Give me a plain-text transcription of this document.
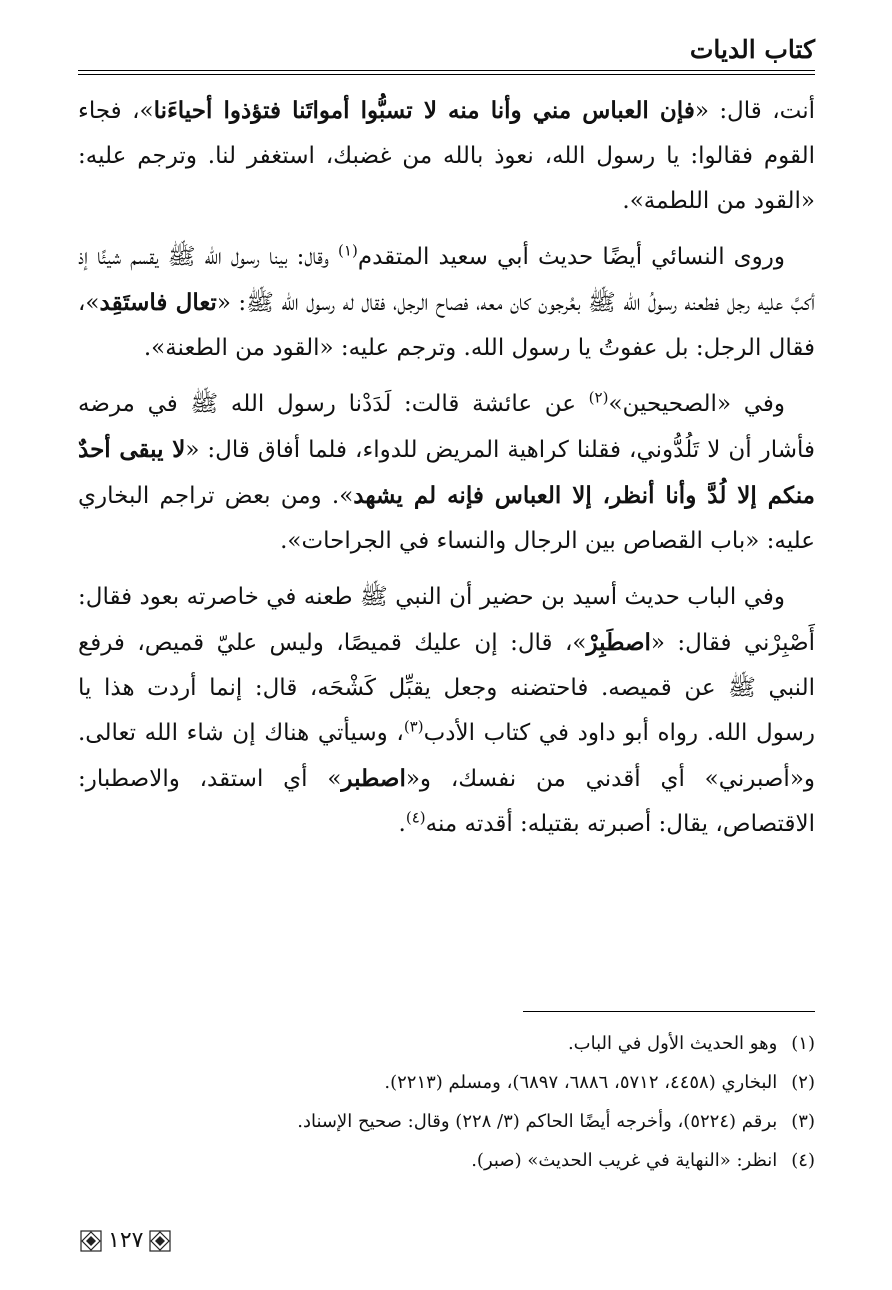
كتاب الديات

أنت، قال: «فإن العباس مني وأنا منه لا تسبُّوا أمواتَنا فتؤذوا أحياءَنا»، فجاء القوم فقالوا: يا رسول الله، نعوذ بالله من غضبك، استغفر لنا. وترجم عليه: «القود من اللطمة».

وروى النسائي أيضًا حديث أبي سعيد المتقدم$^{(١)}$ وقال: بينا رسول الله ﷺ يقسم شيئًا إذ أكبَّ عليه رجل فطعنه رسولُ الله ﷺ بعُرجون كان معه، فصاح الرجل، فقال له رسول الله ﷺ: «تعال فاستَقِد»، فقال الرجل: بل عفوتُ يا رسول الله. وترجم عليه: «القود من الطعنة».

وفي «الصحيحين»$^{(٢)}$ عن عائشة قالت: لَدَدْنا رسول الله ﷺ في مرضه فأشار أن لا تَلُدُّوني، فقلنا كراهية المريض للدواء، فلما أفاق قال: «لا يبقى أحدٌ منكم إلا لُدَّ وأنا أنظر، إلا العباس فإنه لم يشهد». ومن بعض تراجم البخاري عليه: «باب القصاص بين الرجال والنساء في الجراحات».

وفي الباب حديث أسيد بن حضير أن النبي ﷺ طعنه في خاصرته بعود فقال: أَصْبِرْني فقال: «اصطَبِرْ»، قال: إن عليك قميصًا، وليس عليّ قميص، فرفع النبي ﷺ عن قميصه. فاحتضنه وجعل يقبِّل كَشْحَه، قال: إنما أردت هذا يا رسول الله. رواه أبو داود في كتاب الأدب$^{(٣)}$، وسيأتي هناك إن شاء الله تعالى. و«أصبرني» أي أقدني من نفسك، و«اصطبر» أي استقد، والاصطبار: الاقتصاص، يقال: أصبرته بقتيله: أقدته منه$^{(٤)}$.

(١)وهو الحديث الأول في الباب.
(٢)البخاري (٤٤٥٨، ٥٧١٢، ٦٨٨٦، ٦٨٩٧)، ومسلم (٢٢١٣).
(٣)برقم (٥٢٢٤)، وأخرجه أيضًا الحاكم (٣/ ٢٢٨) وقال: صحيح الإسناد.
(٤)انظر: «النهاية في غريب الحديث» (صبر).
١٢٧
